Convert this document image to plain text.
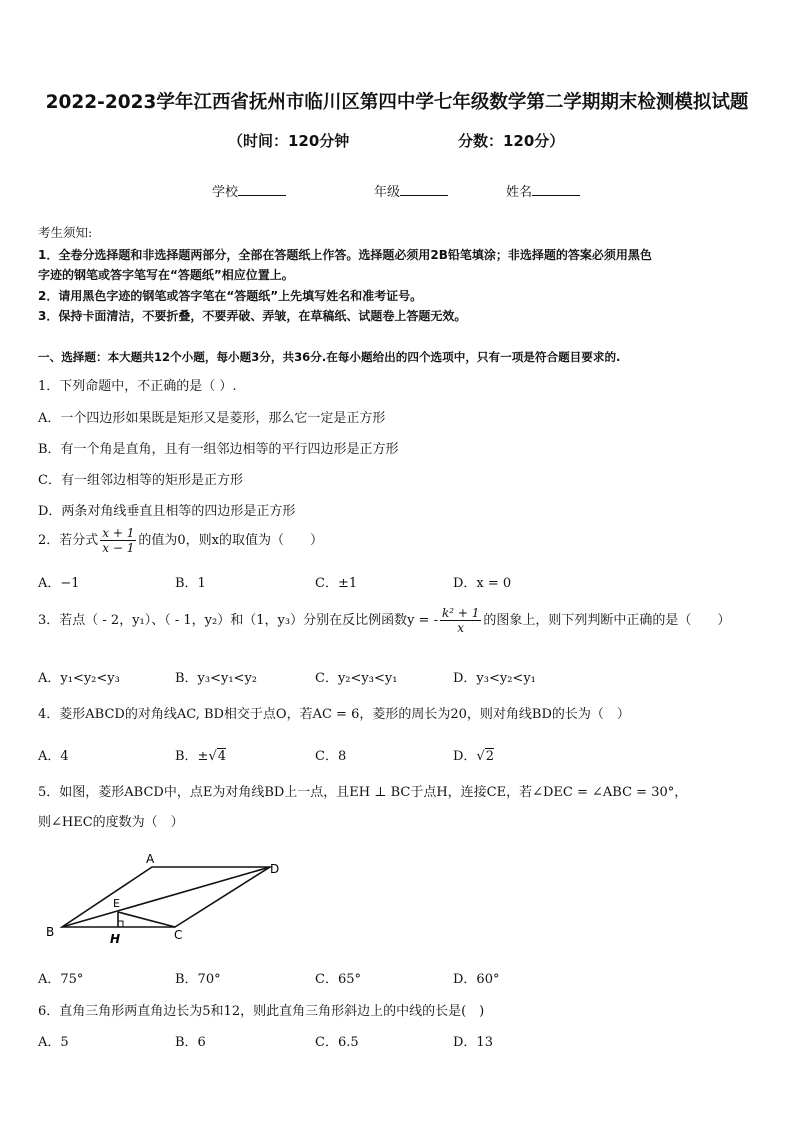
2022-2023学年江西省抚州市临川区第四中学七年级数学第二学期期末检测模拟试题
（时间：120分钟	分数：120分）
学校	年级	姓名
考生须知:
1．全卷分选择题和非选择题两部分，全部在答题纸上作答。选择题必须用2B铅笔填涂；非选择题的答案必须用黑色
字迹的钢笔或答字笔写在“答题纸”相应位置上。
2．请用黑色字迹的钢笔或答字笔在“答题纸”上先填写姓名和准考证号。
3．保持卡面清洁，不要折叠，不要弄破、弄皱，在草稿纸、试题卷上答题无效。
一、选择题：本大题共12个小题，每小题3分，共36分.在每小题给出的四个选项中，只有一项是符合题目要求的.
1．下列命题中，不正确的是（ ）.
A．一个四边形如果既是矩形又是菱形，那么它一定是正方形
B．有一个角是直角，且有一组邻边相等的平行四边形是正方形
C．有一组邻边相等的矩形是正方形
D．两条对角线垂直且相等的四边形是正方形
2．若分式 $\frac{x + 1}{x - 1}$ 的值为0，则x的取值为（　　）
A．−1	B．1	C．±1	D．x = 0
3．若点（ - 2，y₁）、（ - 1，y₂）和（1，y₃）分别在反比例函数y = - $\frac{\text{k² + 1}}{x}$ 的图象上，则下列判断中正确的是（　　）
A．y₁<y₂<y₃	B．y₃<y₁<y₂	C．y₂<y₃<y₁	D．y₃<y₂<y₁
4．菱形ABCD的对角线AC, BD相交于点O，若AC = 6，菱形的周长为20，则对角线BD的长为（　）
A．4	B．±√4	C．8	D．√2
5．如图，菱形ABCD中，点E为对角线BD上一点，且EH ⊥ BC于点H，连接CE，若∠DEC = ∠ABC = 30°，
则∠HEC的度数为（　）
A
B	C
D
E
H
A．75°	B．70°	C．65°	D．60°
6．直角三角形两直角边长为5和12，则此直角三角形斜边上的中线的长是(　)
A．5	B．6	C．6.5	D．13
